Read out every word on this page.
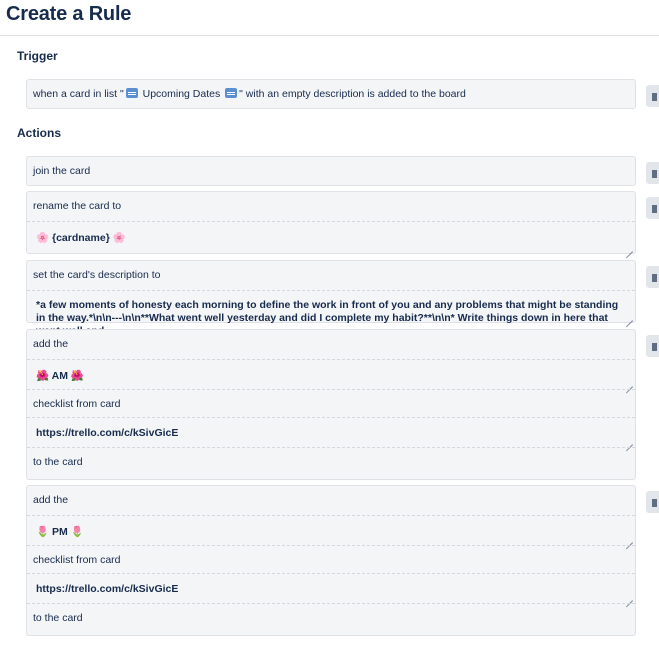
Create a Rule
Trigger
when a card in list " Upcoming Dates " with an empty description is added to the board
Actions
join the card
rename the card to
🌸 {cardname} 🌸
set the card's description to
*a few moments of honesty each morning to define the work in front of you and any problems that might be standing in the way.*\n\n---\n\n**What went well yesterday and did I complete my habit?**\n\n* Write things down in here that
add the
🌺 AM 🌺
checklist from card
https://trello.com/c/kSivGicE
to the card
add the
🌷 PM 🌷
checklist from card
https://trello.com/c/kSivGicE
to the card
